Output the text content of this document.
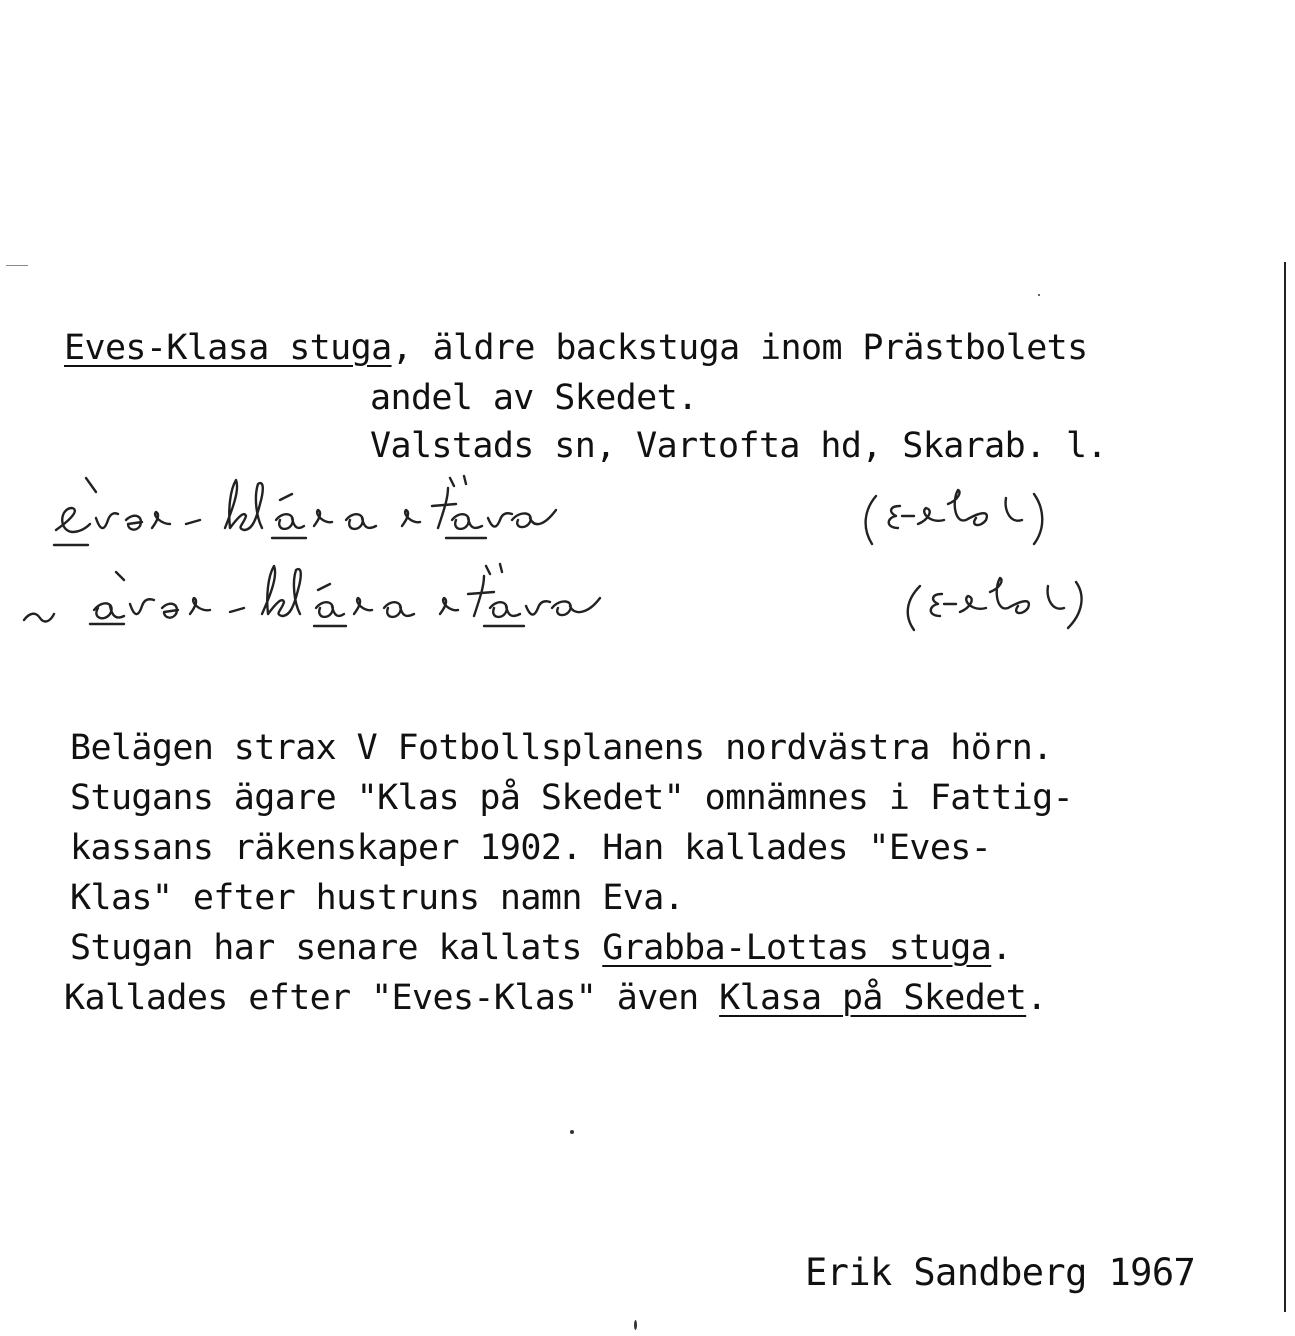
Eves-Klasa stuga, äldre backstuga inom Prästbolets
andel av Skedet.
Valstads sn, Vartofta hd, Skarab. l.
Belägen strax V Fotbollsplanens nordvästra hörn.
Stugans ägare "Klas på Skedet" omnämnes i Fattig-
kassans räkenskaper 1902. Han kallades "Eves-
Klas" efter hustruns namn Eva.
Stugan har senare kallats Grabba-Lottas stuga.
Kallades efter "Eves-Klas" även Klasa på Skedet.
Erik Sandberg 1967
